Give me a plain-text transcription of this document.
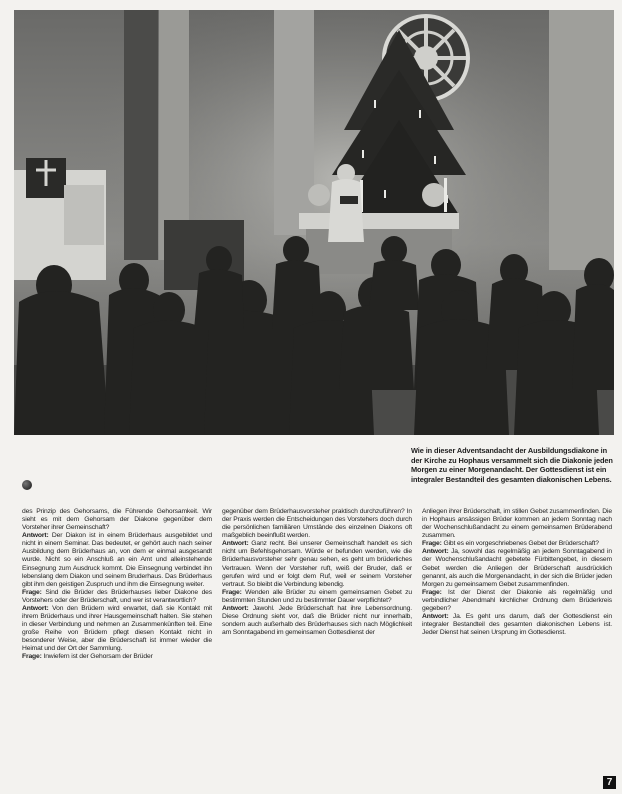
Wie in dieser Adventsandacht der Ausbildungsdiakone in der Kirche zu Hophaus versammelt sich die Diakonie jeden Morgen zu einer Morgenandacht. Der Gottesdienst ist ein integraler Bestandteil des gesamten diakonischen Lebens.

des Prinzip des Gehorsams, die Führende Gehorsamkeit. Wir sieht es mit dem Gehorsam der Diakone gegenüber dem Vorsteher ihrer Gemeinschaft?

Antwort: Der Diakon ist in einem Brüderhaus ausgebildet und nicht in einem Seminar. Das bedeutet, er gehört auch nach seiner Ausbildung dem Brüderhaus an, von dem er einmal ausgesandt wurde. Nicht so ein Anschluß an ein Amt und alleinstehende Einsegnung zum Ausdruck kommt. Die Einsegnung verbindet ihn lebenslang dem Diakon und seinem Bruderhaus. Das Brüderhaus gibt ihm den geistigen Zuspruch und ihm die Einsegnung weiter.

Frage: Sind die Brüder des Brüderhauses lieber Diakone des Vorstehers oder der Brüderschaft, und wer ist verantwortlich?

Antwort: Von den Brüdern wird erwartet, daß sie Kontakt mit ihrem Brüderhaus und ihrer Hausgemeinschaft halten. Sie stehen in dieser Verbindung und nehmen an Zusammenkünften teil. Eine große Reihe von Brüdern pflegt diesen Kontakt nicht in besonderer Weise, aber die Brüderschaft ist immer wieder die Heimat und der Ort der Sammlung.

Frage: Inwiefern ist der Gehorsam der Brüder

gegenüber dem Brüderhausvorsteher praktisch durchzuführen? In der Praxis werden die Entscheidungen des Vorstehers doch durch die persönlichen familiären Umstände des einzelnen Diakons oft maßgeblich beeinflußt werden.

Antwort: Ganz recht. Bei unserer Gemeinschaft handelt es sich nicht um Befehlsgehorsam. Würde er befunden werden, wie die Brüderhausvorsteher sehr genau sehen, es geht um brüderliches Vertrauen. Wenn der Vorsteher ruft, weiß der Bruder, daß er gerufen wird und er folgt dem Ruf, weil er seinem Vorsteher vertraut. So bleibt die Verbindung lebendig.

Frage: Wenden alle Brüder zu einem gemeinsamen Gebet zu bestimmten Stunden und zu bestimmter Dauer verpflichtet?

Antwort: Jawohl. Jede Brüderschaft hat ihre Lebensordnung. Diese Ordnung sieht vor, daß die Brüder nicht nur innerhalb, sondern auch außerhalb des Brüderhauses sich nach Möglichkeit am Sonntagabend im gemeinsamen Gottesdienst der

Anliegen ihrer Brüderschaft, im stillen Gebet zusammenfinden. Die in Hophaus ansässigen Brüder kommen an jedem Sonntag nach der Wochenschlußandacht zu einem gemeinsamen Brüderabend zusammen.

Frage: Gibt es ein vorgeschriebenes Gebet der Brüderschaft?

Antwort: Ja, sowohl das regelmäßig an jedem Sonntagabend in der Wochenschlußandacht gebetete Fürbittengebet, in diesem Gebet werden die Anliegen der Brüderschaft ausdrücklich genannt, als auch die Morgenandacht, in der sich die Brüder jeden Morgen zu gemeinsamem Gebet zusammenfinden.

Frage: Ist der Dienst der Diakonie als regelmäßig und verbindlicher Abendmahl kirchlicher Ordnung dem Brüderkreis gegeben?

Antwort: Ja. Es geht uns darum, daß der Gottesdienst ein integraler Bestandteil des gesamten diakonischen Lebens ist. Jeder Dienst hat seinen Ursprung im Gottesdienst.

7
